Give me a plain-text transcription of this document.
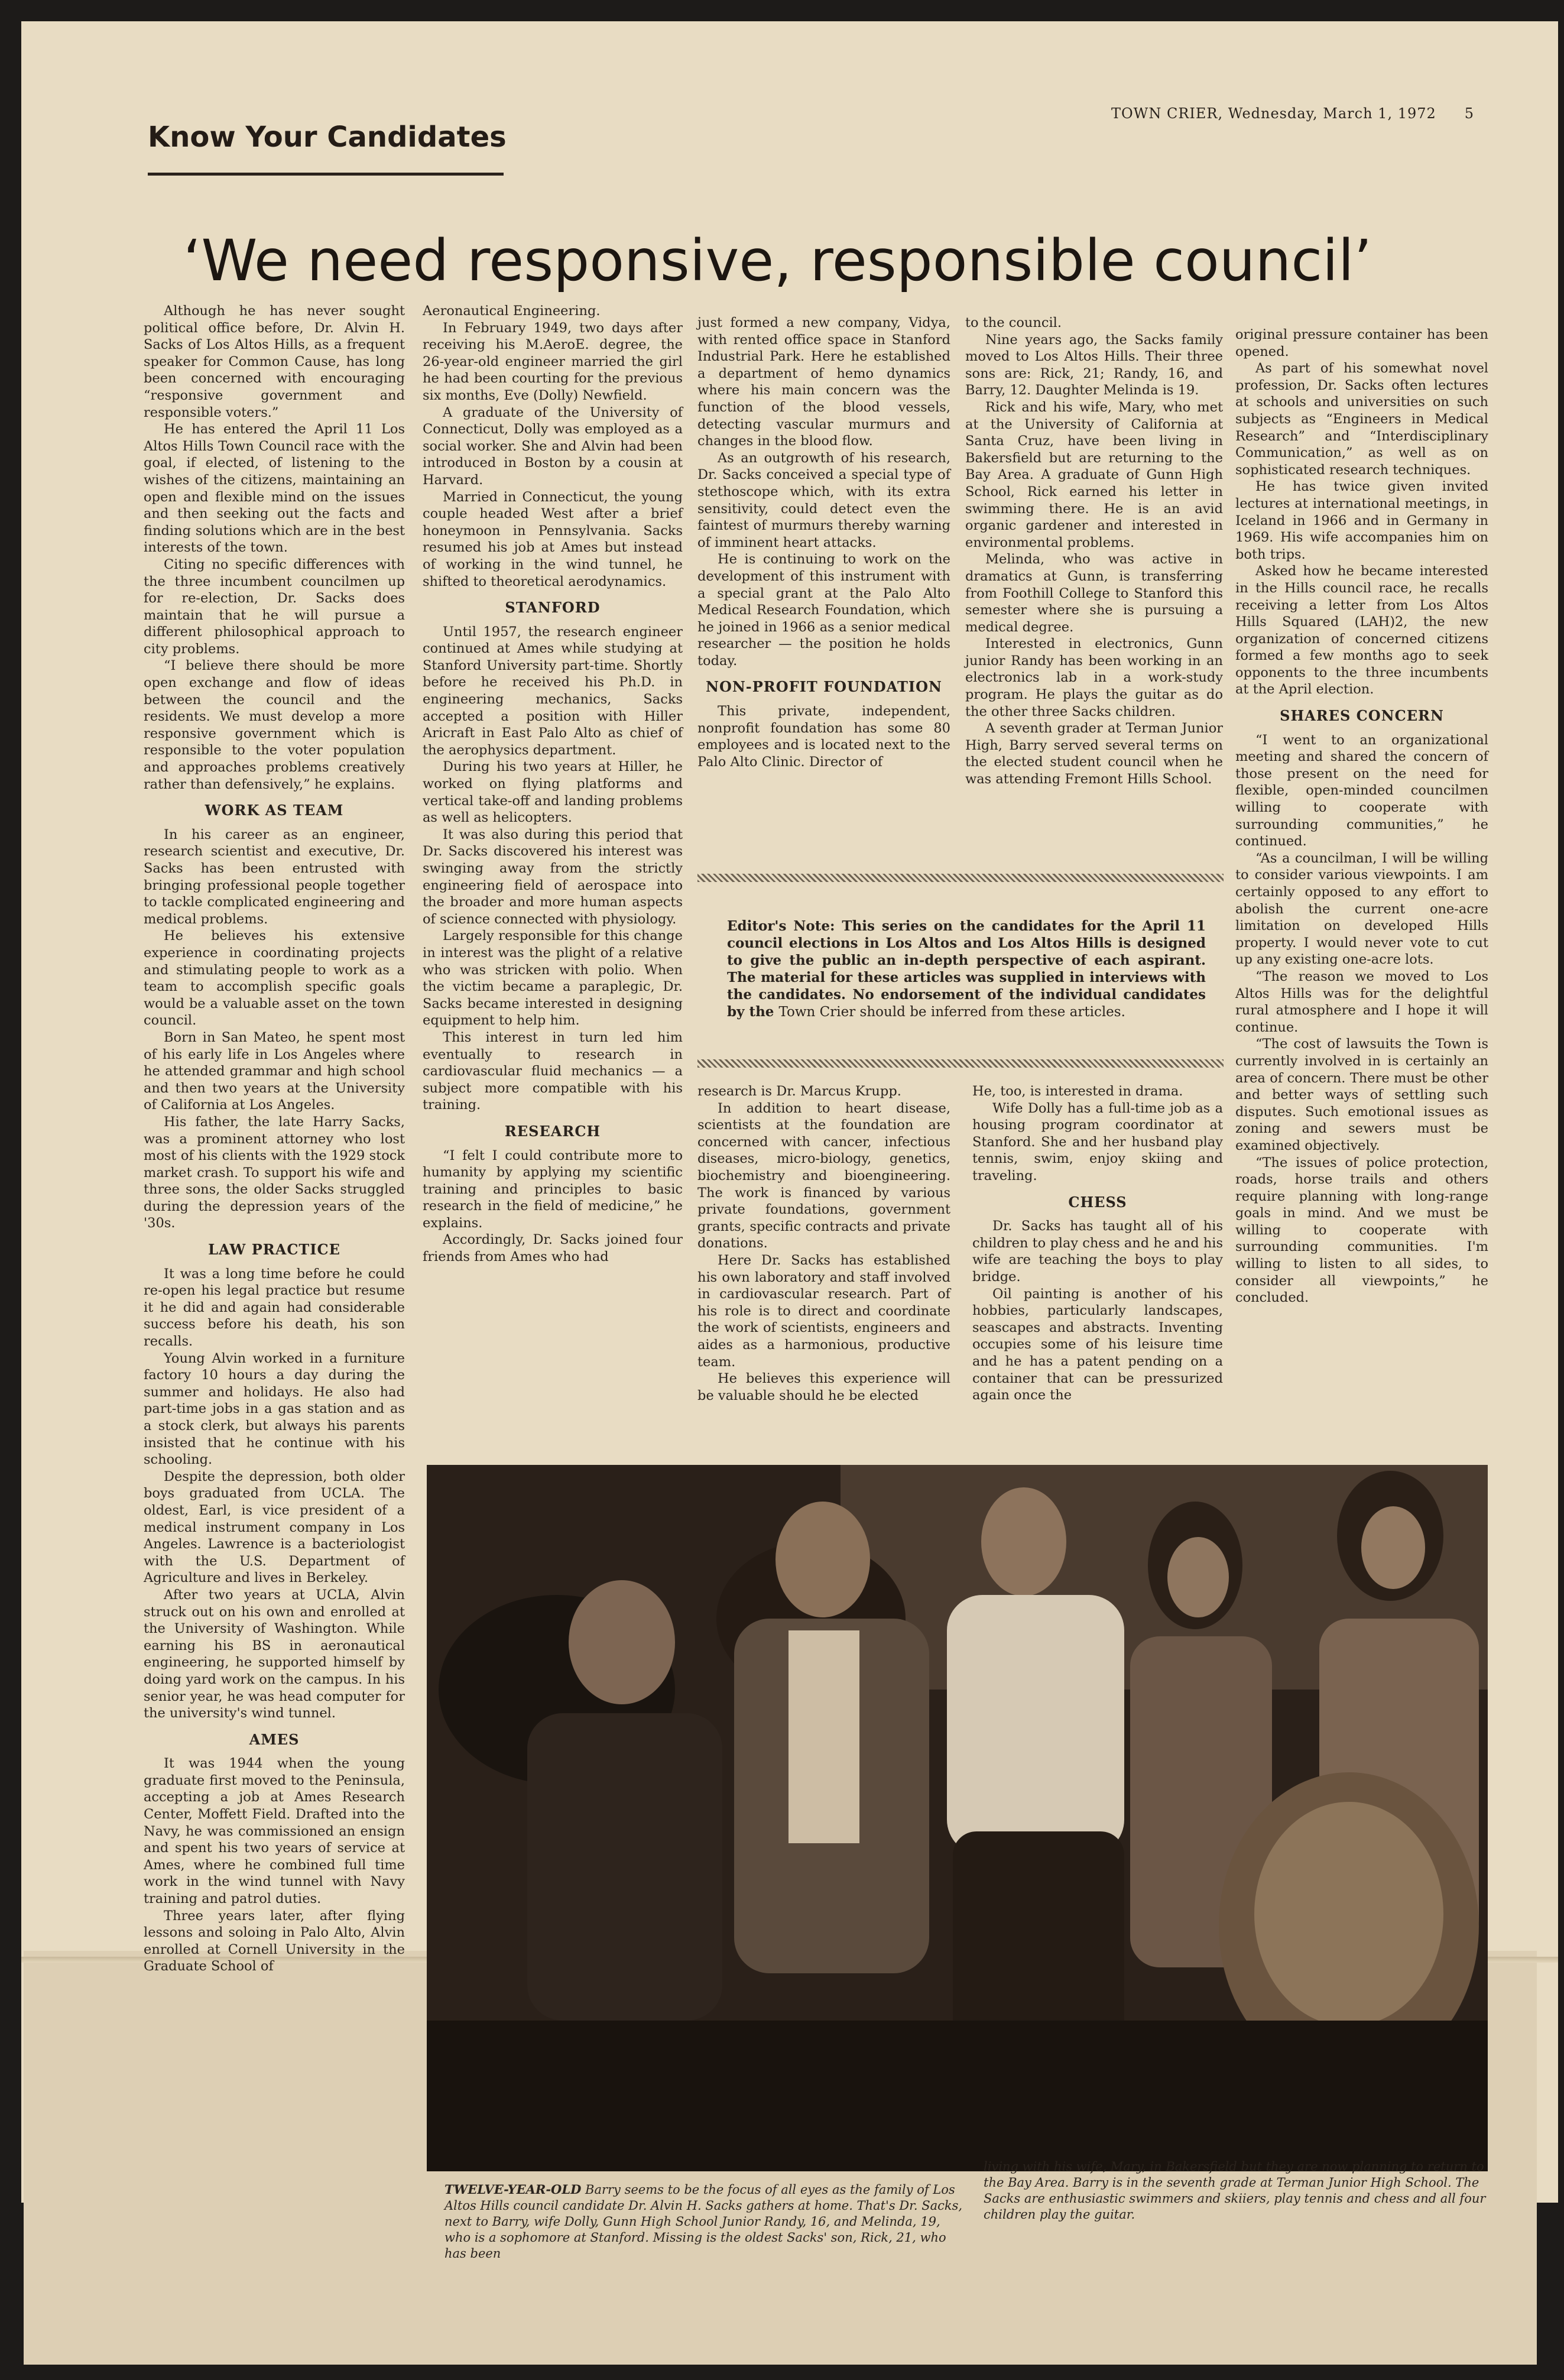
Know Your Candidates
TOWN CRIER, Wednesday, March 1, 1972 5
‘We need responsive, responsible council’

Although he has never sought political office before, Dr. Alvin H. Sacks of Los Altos Hills, as a frequent speaker for Common Cause, has long been concerned with encouraging “responsive government and responsible voters.”

He has entered the April 11 Los Altos Hills Town Council race with the goal, if elected, of listening to the wishes of the citizens, maintaining an open and flexible mind on the issues and then seeking out the facts and finding solutions which are in the best interests of the town.

Citing no specific differences with the three incumbent councilmen up for re-election, Dr. Sacks does maintain that he will pursue a different philosophical approach to city problems.

“I believe there should be more open exchange and flow of ideas between the council and the residents. We must develop a more responsive government which is responsible to the voter population and approaches problems creatively rather than defensively,” he explains.

WORK AS TEAM

In his career as an engineer, research scientist and executive, Dr. Sacks has been entrusted with bringing professional people together to tackle complicated engineering and medical problems.

He believes his extensive experience in coordinating projects and stimulating people to work as a team to accomplish specific goals would be a valuable asset on the town council.

Born in San Mateo, he spent most of his early life in Los Angeles where he attended grammar and high school and then two years at the University of California at Los Angeles.

His father, the late Harry Sacks, was a prominent attorney who lost most of his clients with the 1929 stock market crash. To support his wife and three sons, the older Sacks struggled during the depression years of the '30s.

LAW PRACTICE

It was a long time before he could re-open his legal practice but resume it he did and again had considerable success before his death, his son recalls.

Young Alvin worked in a furniture factory 10 hours a day during the summer and holidays. He also had part-time jobs in a gas station and as a stock clerk, but always his parents insisted that he continue with his schooling.

Despite the depression, both older boys graduated from UCLA. The oldest, Earl, is vice president of a medical instrument company in Los Angeles. Lawrence is a bacteriologist with the U.S. Department of Agriculture and lives in Berkeley.

After two years at UCLA, Alvin struck out on his own and enrolled at the University of Washington. While earning his BS in aeronautical engineering, he supported himself by doing yard work on the campus. In his senior year, he was head computer for the university's wind tunnel.

AMES

It was 1944 when the young graduate first moved to the Peninsula, accepting a job at Ames Research Center, Moffett Field. Drafted into the Navy, he was commissioned an ensign and spent his two years of service at Ames, where he combined full time work in the wind tunnel with Navy training and patrol duties.

Three years later, after flying lessons and soloing in Palo Alto, Alvin enrolled at Cornell University in the Graduate School of

Aeronautical Engineering.

In February 1949, two days after receiving his M.AeroE. degree, the 26-year-old engineer married the girl he had been courting for the previous six months, Eve (Dolly) Newfield.

A graduate of the University of Connecticut, Dolly was employed as a social worker. She and Alvin had been introduced in Boston by a cousin at Harvard.

Married in Connecticut, the young couple headed West after a brief honeymoon in Pennsylvania. Sacks resumed his job at Ames but instead of working in the wind tunnel, he shifted to theoretical aerodynamics.

STANFORD

Until 1957, the research engineer continued at Ames while studying at Stanford University part-time. Shortly before he received his Ph.D. in engineering mechanics, Sacks accepted a position with Hiller Aricraft in East Palo Alto as chief of the aerophysics department.

During his two years at Hiller, he worked on flying platforms and vertical take-off and landing problems as well as helicopters.

It was also during this period that Dr. Sacks discovered his interest was swinging away from the strictly engineering field of aerospace into the broader and more human aspects of science connected with physiology.

Largely responsible for this change in interest was the plight of a relative who was stricken with polio. When the victim became a paraplegic, Dr. Sacks became interested in designing equipment to help him.

This interest in turn led him eventually to research in cardiovascular fluid mechanics — a subject more compatible with his training.

RESEARCH

“I felt I could contribute more to humanity by applying my scientific training and principles to basic research in the field of medicine,” he explains.

Accordingly, Dr. Sacks joined four friends from Ames who had

just formed a new company, Vidya, with rented office space in Stanford Industrial Park. Here he established a department of hemo dynamics where his main concern was the function of the blood vessels, detecting vascular murmurs and changes in the blood flow.

As an outgrowth of his research, Dr. Sacks conceived a special type of stethoscope which, with its extra sensitivity, could detect even the faintest of murmurs thereby warning of imminent heart attacks.

He is continuing to work on the development of this instrument with a special grant at the Palo Alto Medical Research Foundation, which he joined in 1966 as a senior medical researcher — the position he holds today.

NON-PROFIT FOUNDATION

This private, independent, nonprofit foundation has some 80 employees and is located next to the Palo Alto Clinic. Director of

to the council.

Nine years ago, the Sacks family moved to Los Altos Hills. Their three sons are: Rick, 21; Randy, 16, and Barry, 12. Daughter Melinda is 19.

Rick and his wife, Mary, who met at the University of California at Santa Cruz, have been living in Bakersfield but are returning to the Bay Area. A graduate of Gunn High School, Rick earned his letter in swimming there. He is an avid organic gardener and interested in environmental problems.

Melinda, who was active in dramatics at Gunn, is transferring from Foothill College to Stanford this semester where she is pursuing a medical degree.

Interested in electronics, Gunn junior Randy has been working in an electronics lab in a work-study program. He plays the guitar as do the other three Sacks children.

A seventh grader at Terman Junior High, Barry served several terms on the elected student council when he was attending Fremont Hills School.

original pressure container has been opened.

As part of his somewhat novel profession, Dr. Sacks often lectures at schools and universities on such subjects as “Engineers in Medical Research” and “Interdisciplinary Communication,” as well as on sophisticated research techniques.

He has twice given invited lectures at international meetings, in Iceland in 1966 and in Germany in 1969. His wife accompanies him on both trips.

Asked how he became interested in the Hills council race, he recalls receiving a letter from Los Altos Hills Squared (LAH)2, the new organization of concerned citizens formed a few months ago to seek opponents to the three incumbents at the April election.

SHARES CONCERN

“I went to an organizational meeting and shared the concern of those present on the need for flexible, open-minded councilmen willing to cooperate with surrounding communities,” he continued.

“As a councilman, I will be willing to consider various viewpoints. I am certainly opposed to any effort to abolish the current one-acre limitation on developed Hills property. I would never vote to cut up any existing one-acre lots.

“The reason we moved to Los Altos Hills was for the delightful rural atmosphere and I hope it will continue.

“The cost of lawsuits the Town is currently involved in is certainly an area of concern. There must be other and better ways of settling such disputes. Such emotional issues as zoning and sewers must be examined objectively.

“The issues of police protection, roads, horse trails and others require planning with long-range goals in mind. And we must be willing to cooperate with surrounding communities. I'm willing to listen to all sides, to consider all viewpoints,” he concluded.

Editor's Note: This series on the candidates for the April 11 council elections in Los Altos and Los Altos Hills is designed to give the public an in-depth perspective of each aspirant. The material for these articles was supplied in interviews with the candidates. No endorsement of the individual candidates by the Town Crier should be inferred from these articles.

research is Dr. Marcus Krupp.

In addition to heart disease, scientists at the foundation are concerned with cancer, infectious diseases, micro-biology, genetics, biochemistry and bioengineering. The work is financed by various private foundations, government grants, specific contracts and private donations.

Here Dr. Sacks has established his own laboratory and staff involved in cardiovascular research. Part of his role is to direct and coordinate the work of scientists, engineers and aides as a harmonious, productive team.

He believes this experience will be valuable should he be elected

He, too, is interested in drama.

Wife Dolly has a full-time job as a housing program coordinator at Stanford. She and her husband play tennis, swim, enjoy skiing and traveling.

CHESS

Dr. Sacks has taught all of his children to play chess and he and his wife are teaching the boys to play bridge.

Oil painting is another of his hobbies, particularly landscapes, seascapes and abstracts. Inventing occupies some of his leisure time and he has a patent pending on a container that can be pressurized again once the

TWELVE-YEAR-OLD Barry seems to be the focus of all eyes as the family of Los Altos Hills council candidate Dr. Alvin H. Sacks gathers at home. That's Dr. Sacks, next to Barry, wife Dolly, Gunn High School Junior Randy, 16, and Melinda, 19, who is a sophomore at Stanford. Missing is the oldest Sacks' son, Rick, 21, who has been
living with his wife, Mary, in Bakersfield but they are now planning to return to the Bay Area. Barry is in the seventh grade at Terman Junior High School. The Sacks are enthusiastic swimmers and skiiers, play tennis and chess and all four children play the guitar.
